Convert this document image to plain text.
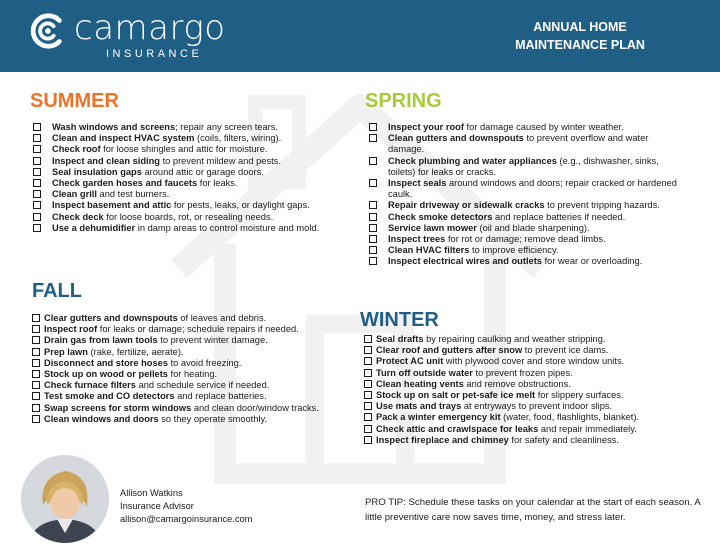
camargo
INSURANCE
ANNUAL HOME
MAINTENANCE PLAN
SUMMER	SPRING
FALL
WINTER
Wash windows and screens; repair any screen tears.
Clean and inspect HVAC system (coils, filters, wiring).
Check roof for loose shingles and attic for moisture.
Inspect and clean siding to prevent mildew and pests.
Seal insulation gaps around attic or garage doors.
Check garden hoses and faucets for leaks.
Clean grill and test burners.
Inspect basement and attic for pests, leaks, or daylight gaps.
Check deck for loose boards, rot, or resealing needs.
Use a dehumidifier in damp areas to control moisture and mold.
Inspect your roof for damage caused by winter weather.
Clean gutters and downspouts to prevent overflow and water damage.
Check plumbing and water appliances (e.g., dishwasher, sinks, toilets) for leaks or cracks.
Inspect seals around windows and doors; repair cracked or hardened caulk.
Repair driveway or sidewalk cracks to prevent tripping hazards.
Check smoke detectors and replace batteries if needed.
Service lawn mower (oil and blade sharpening).
Inspect trees for rot or damage; remove dead limbs.
Clean HVAC filters to improve efficiency.
Inspect electrical wires and outlets for wear or overloading.
Clear gutters and downspouts of leaves and debris.
Inspect roof for leaks or damage; schedule repairs if needed.
Drain gas from lawn tools to prevent winter damage.
Prep lawn (rake, fertilize, aerate).
Disconnect and store hoses to avoid freezing.
Stock up on wood or pellets for heating.
Check furnace filters and schedule service if needed.
Test smoke and CO detectors and replace batteries.
Swap screens for storm windows and clean door/window tracks.
Clean windows and doors so they operate smoothly.
Seal drafts by repairing caulking and weather stripping.
Clear roof and gutters after snow to prevent ice dams.
Protect AC unit with plywood cover and store window units.
Turn off outside water to prevent frozen pipes.
Clean heating vents and remove obstructions.
Stock up on salt or pet-safe ice melt for slippery surfaces.
Use mats and trays at entryways to prevent indoor slips.
Pack a winter emergency kit (water, food, flashlights, blanket).
Check attic and crawlspace for leaks and repair immediately.
Inspect fireplace and chimney for safety and cleanliness.
Allison Watkins
Insurance Advisor
allison@camargoinsurance.com
PRO TIP: Schedule these tasks on your calendar at the start of each season. A little preventive care now saves time, money, and stress later.
